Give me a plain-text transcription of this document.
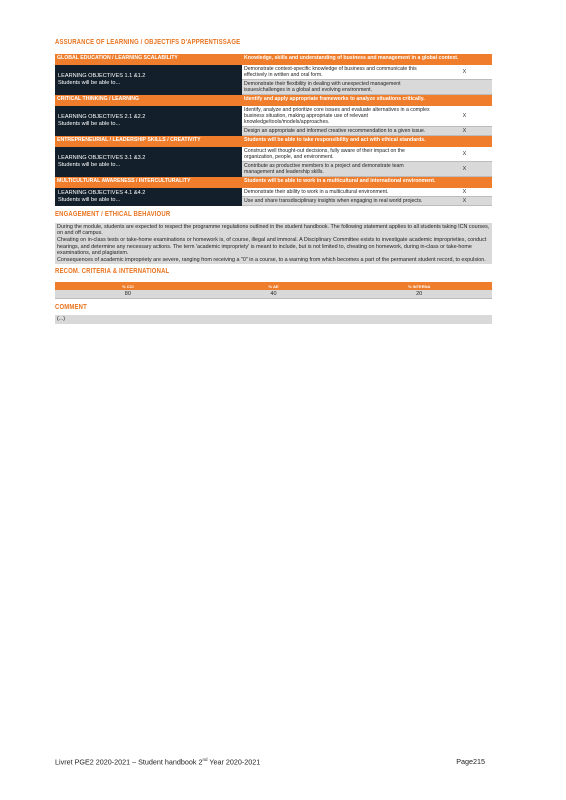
ASSURANCE OF LEARNING / OBJECTIFS D'APPRENTISSAGE
GLOBAL EDUCATION / LEARNING SCALABILITY	Knowledge, skills and understanding of business and management in a global context.	

LEARNING OBJECTIVES 1.1 &1.2
Students will be able to...	Demonstrate context-specific knowledge of business and communicate this effectively in written and oral form.	X
	Demonstrate their flexibility in dealing with unexpected management issues/challenges in a global and evolving environment.	
CRITICAL THINKING / LEARNING	Identify and apply appropriate frameworks to analyze situations critically.	

LEARNING OBJECTIVES 2.1 &2.2
Students will be able to...	Identify, analyze and prioritize core issues and evaluate alternatives in a complex business situation, making appropriate use of relevant knowledge/tools/models/approaches.	X
	Design an appropriate and informed creative recommendation to a given issue.	X
ENTREPRENEURIAL / LEADERSHIP SKILLS / CREATIVITY	Students will be able to take responsibility and act with ethical standards.	

LEARNING OBJECTIVES 3.1 &3.2
Students will be able to...	Construct well thought-out decisions, fully aware of their impact on the organization, people, and environment.	X
	Contribute as productive members to a project and demonstrate team management and leadership skills.	X
MULTICULTURAL AWARENESS / INTERCULTURALITY	Students will be able to work in a multicultural and international environment.	

LEARNING OBJECTIVES 4.1 &4.2
Students will be able to...	Demonstrate their ability to work in a multicultural environment.	X
	Use and share transdisciplinary insights when engaging in real world projects.	X
ENGAGEMENT / ETHICAL BEHAVIOUR

During the module, students are expected to respect the programme regulations outlined in the student handbook. The following statement applies to all students taking ICN courses, on and off campus.

Cheating on in-class tests or take-home examinations or homework is, of course, illegal and immoral. A Disciplinary Committee exists to investigate academic improprieties, conduct hearings, and determine any necessary actions. The term 'academic impropriety' is meant to include, but is not limited to, cheating on homework, during in-class or take-home examinations, and plagiarism.

Consequences of academic impropriety are severe, ranging from receiving a "0" in a course, to a warning from which becomes a part of the permanent student record, to expulsion.

RECOM. CRITERIA & INTERNATIONAL
% CCI	% AE	% INTERNA
80	40	20
COMMENT
(...)
Livret PGE2 2020-2021 – Student handbook 2nd Year 2020-2021	Page215
